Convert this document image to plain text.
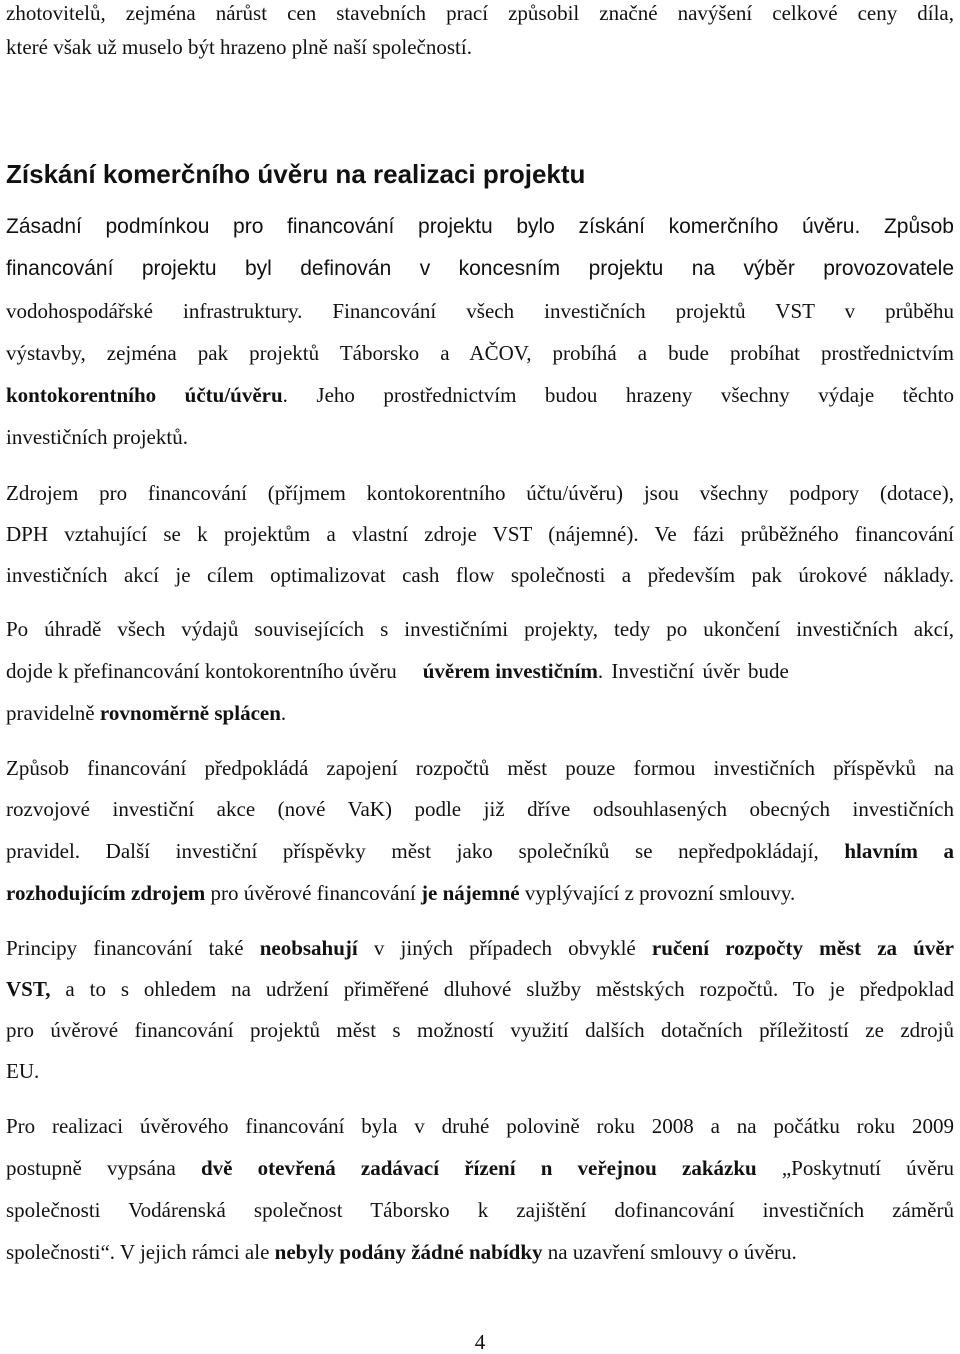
zhotovitelů, zejména nárůst cen stavebních prací způsobil značné navýšení celkové ceny díla,
které však už muselo být hrazeno plně naší společností.
Získání komerčního úvěru na realizaci projektu
Zásadní podmínkou pro financování projektu bylo získání komerčního úvěru. Způsob
financování projektu byl definován v koncesním projektu na výběr provozovatele
vodohospodářské infrastruktury. Financování všech investičních projektů VST v průběhu
výstavby, zejména pak projektů Táborsko a AČOV, probíhá a bude probíhat prostřednictvím
kontokorentního účtu/úvěru. Jeho prostřednictvím budou hrazeny všechny výdaje těchto
investičních projektů.
Zdrojem pro financování (příjmem kontokorentního účtu/úvěru) jsou všechny podpory (dotace),
DPH vztahující se k projektům a vlastní zdroje VST (nájemné). Ve fázi průběžného financování
investičních akcí je cílem optimalizovat cash flow společnosti a především pak úrokové náklady.
Po úhradě všech výdajů souvisejících s investičními projekty, tedy po ukončení investičních akcí,
dojde k přefinancování kontokorentního úvěru úvěrem investičním. Investiční úvěr bude
pravidelně rovnoměrně splácen.
Způsob financování předpokládá zapojení rozpočtů měst pouze formou investičních příspěvků na
rozvojové investiční akce (nové VaK) podle již dříve odsouhlasených obecných investičních
pravidel. Další investiční příspěvky měst jako společníků se nepředpokládají, hlavním a
rozhodujícím zdrojem pro úvěrové financování je nájemné vyplývající z provozní smlouvy.
Principy financování také neobsahují v jiných případech obvyklé ručení rozpočty měst za úvěr
VST, a to s ohledem na udržení přiměřené dluhové služby městských rozpočtů. To je předpoklad
pro úvěrové financování projektů měst s možností využití dalších dotačních příležitostí ze zdrojů
EU.
Pro realizaci úvěrového financování byla v druhé polovině roku 2008 a na počátku roku 2009
postupně vypsána dvě otevřená zadávací řízení n veřejnou zakázku „Poskytnutí úvěru
společnosti Vodárenská společnost Táborsko k zajištění dofinancování investičních záměrů
společnosti“. V jejich rámci ale nebyly podány žádné nabídky na uzavření smlouvy o úvěru.
4
